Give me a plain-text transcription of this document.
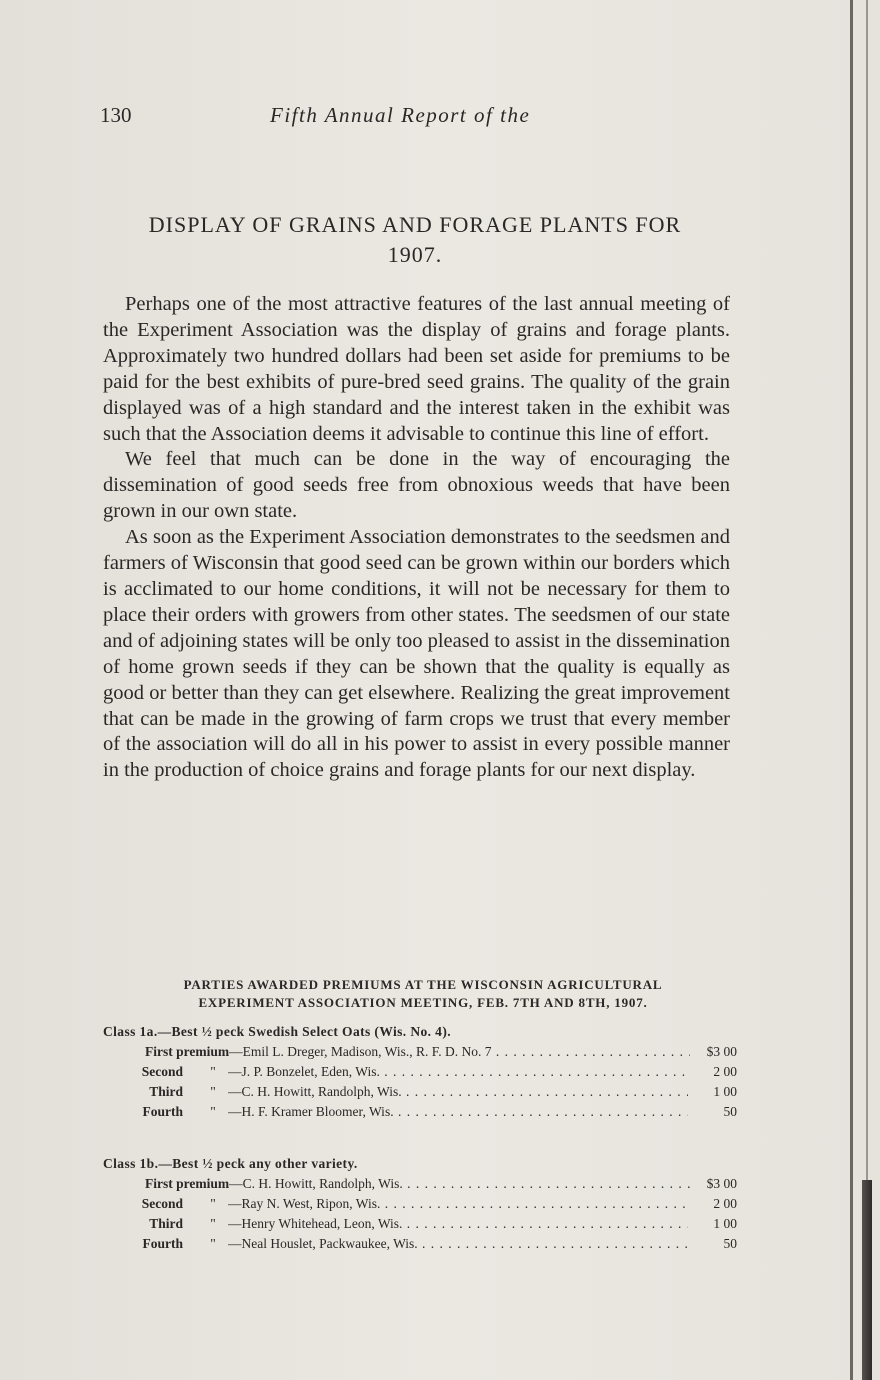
130	Fifth Annual Report of the
DISPLAY OF GRAINS AND FORAGE PLANTS FOR
1907.

Perhaps one of the most attractive features of the last annual meeting of the Experiment Association was the display of grains and forage plants. Approximately two hundred dollars had been set aside for premiums to be paid for the best exhibits of pure-bred seed grains. The quality of the grain displayed was of a high standard and the interest taken in the exhibit was such that the Association deems it advisable to continue this line of effort.

We feel that much can be done in the way of encouraging the dissemination of good seeds free from obnoxious weeds that have been grown in our own state.

As soon as the Experiment Association demonstrates to the seedsmen and farmers of Wisconsin that good seed can be grown within our borders which is acclimated to our home conditions, it will not be necessary for them to place their orders with growers from other states. The seedsmen of our state and of adjoining states will be only too pleased to assist in the dissemination of home grown seeds if they can be shown that the quality is equally as good or better than they can get elsewhere. Realizing the great improvement that can be made in the growing of farm crops we trust that every member of the association will do all in his power to assist in every possible manner in the production of choice grains and forage plants for our next display.

PARTIES AWARDED PREMIUMS AT THE WISCONSIN AGRICULTURAL
EXPERIMENT ASSOCIATION MEETING, FEB. 7TH AND 8TH, 1907.
Class 1a.—Best ½ peck Swedish Select Oats (Wis. No. 4).
First premium—Emil L. Dreger, Madison, Wis., R. F. D. No. 7 . . .	$3 00
Second	" —J. P. Bonzelet, Eden, Wis. . . .	2 00
Third	" —C. H. Howitt, Randolph, Wis. . . .	1 00
Fourth	" —H. F. Kramer Bloomer, Wis. . . .	50
Class 1b.—Best ½ peck any other variety.
First premium—C. H. Howitt, Randolph, Wis. . . .	$3 00
Second	" —Ray N. West, Ripon, Wis. . . .	2 00
Third	" —Henry Whitehead, Leon, Wis. . . .	1 00
Fourth	" —Neal Houslet, Packwaukee, Wis. . . .	50
